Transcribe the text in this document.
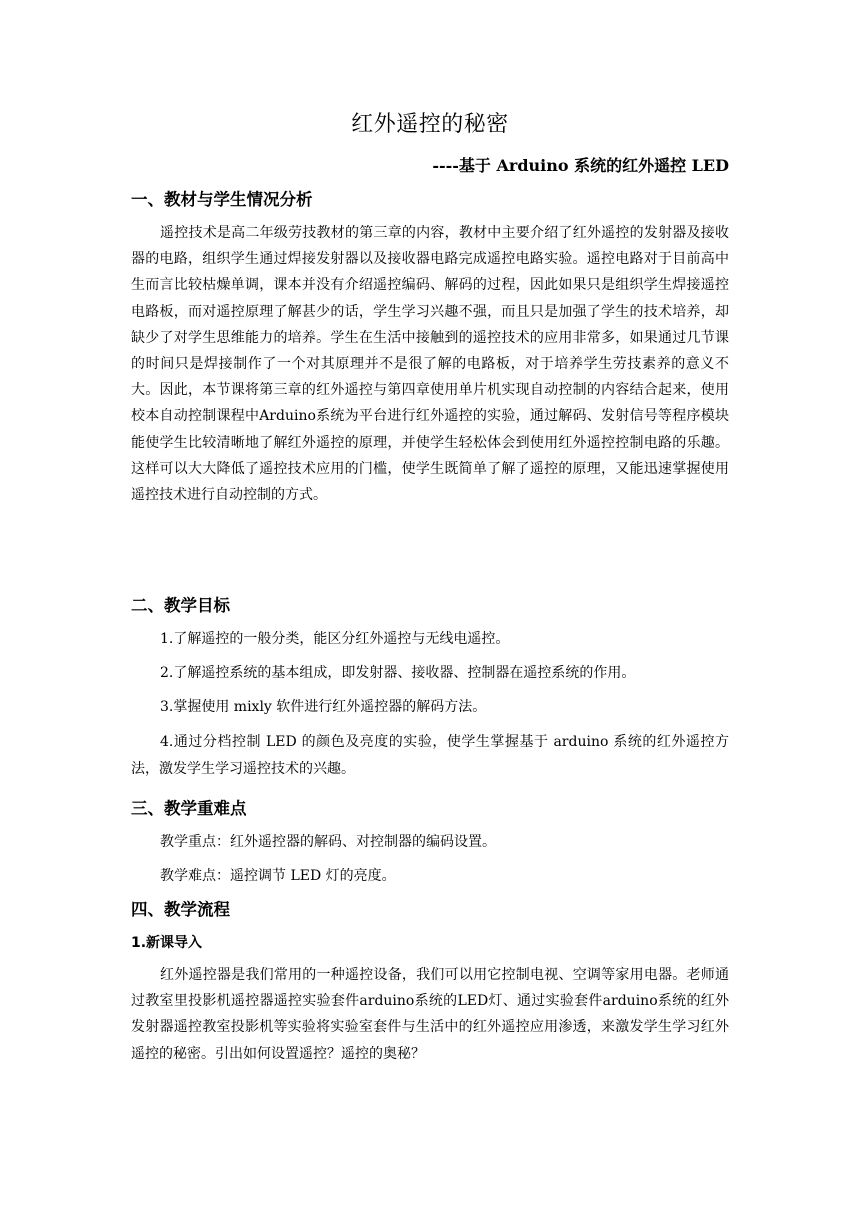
红外遥控的秘密
----基于 Arduino 系统的红外遥控 LED
一、教材与学生情况分析
遥控技术是高二年级劳技教材的第三章的内容，教材中主要介绍了红外遥控的发射器及接收器的电路，组织学生通过焊接发射器以及接收器电路完成遥控电路实验。遥控电路对于目前高中生而言比较枯燥单调，课本并没有介绍遥控编码、解码的过程，因此如果只是组织学生焊接遥控电路板，而对遥控原理了解甚少的话，学生学习兴趣不强，而且只是加强了学生的技术培养，却缺少了对学生思维能力的培养。学生在生活中接触到的遥控技术的应用非常多，如果通过几节课的时间只是焊接制作了一个对其原理并不是很了解的电路板，对于培养学生劳技素养的意义不大。因此，本节课将第三章的红外遥控与第四章使用单片机实现自动控制的内容结合起来，使用校本自动控制课程中Arduino系统为平台进行红外遥控的实验，通过解码、发射信号等程序模块能使学生比较清晰地了解红外遥控的原理，并使学生轻松体会到使用红外遥控控制电路的乐趣。这样可以大大降低了遥控技术应用的门槛，使学生既简单了解了遥控的原理，又能迅速掌握使用遥控技术进行自动控制的方式。
二、教学目标
1.了解遥控的一般分类，能区分红外遥控与无线电遥控。
2.了解遥控系统的基本组成，即发射器、接收器、控制器在遥控系统的作用。
3.掌握使用 mixly 软件进行红外遥控器的解码方法。
4.通过分档控制 LED 的颜色及亮度的实验，使学生掌握基于 arduino 系统的红外遥控方法，激发学生学习遥控技术的兴趣。
三、教学重难点
教学重点：红外遥控器的解码、对控制器的编码设置。
教学难点：遥控调节 LED 灯的亮度。
四、教学流程
1.新课导入
红外遥控器是我们常用的一种遥控设备，我们可以用它控制电视、空调等家用电器。老师通过教室里投影机遥控器遥控实验套件arduino系统的LED灯、通过实验套件arduino系统的红外发射器遥控教室投影机等实验将实验室套件与生活中的红外遥控应用渗透，来激发学生学习红外遥控的秘密。引出如何设置遥控？遥控的奥秘？
